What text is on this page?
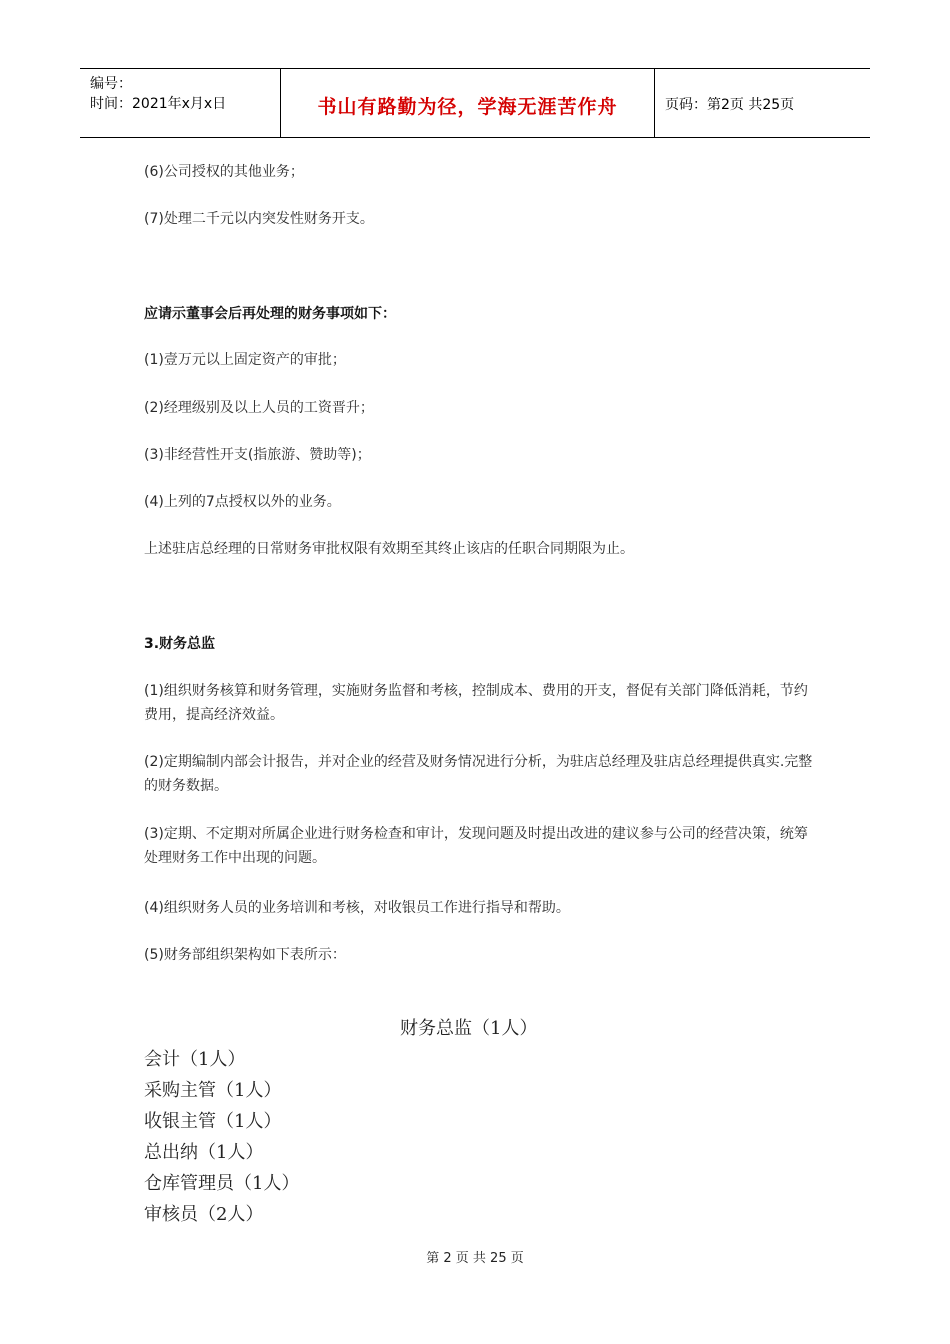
编号：
时间：2021年x月x日	书山有路勤为径，学海无涯苦作舟	页码：第2页 共25页
(6)公司授权的其他业务；
(7)处理二千元以内突发性财务开支。
应请示董事会后再处理的财务事项如下：
(1)壹万元以上固定资产的审批；
(2)经理级别及以上人员的工资晋升；
(3)非经营性开支(指旅游、赞助等)；
(4)上列的7点授权以外的业务。
上述驻店总经理的日常财务审批权限有效期至其终止该店的任职合同期限为止。
3.财务总监
(1)组织财务核算和财务管理，实施财务监督和考核，控制成本、费用的开支，督促有关部门降低消耗，节约费用，提高经济效益。
(2)定期编制内部会计报告，并对企业的经营及财务情况进行分析，为驻店总经理及驻店总经理提供真实.完整的财务数据。
(3)定期、不定期对所属企业进行财务检查和审计，发现问题及时提出改进的建议参与公司的经营决策，统筹处理财务工作中出现的问题。
(4)组织财务人员的业务培训和考核，对收银员工作进行指导和帮助。
(5)财务部组织架构如下表所示：
财务总监（1人）
会计（1人）
采购主管（1人）
收银主管（1人）
总出纳（1人）
仓库管理员（1人）
审核员（2人）
第 2 页 共 25 页
